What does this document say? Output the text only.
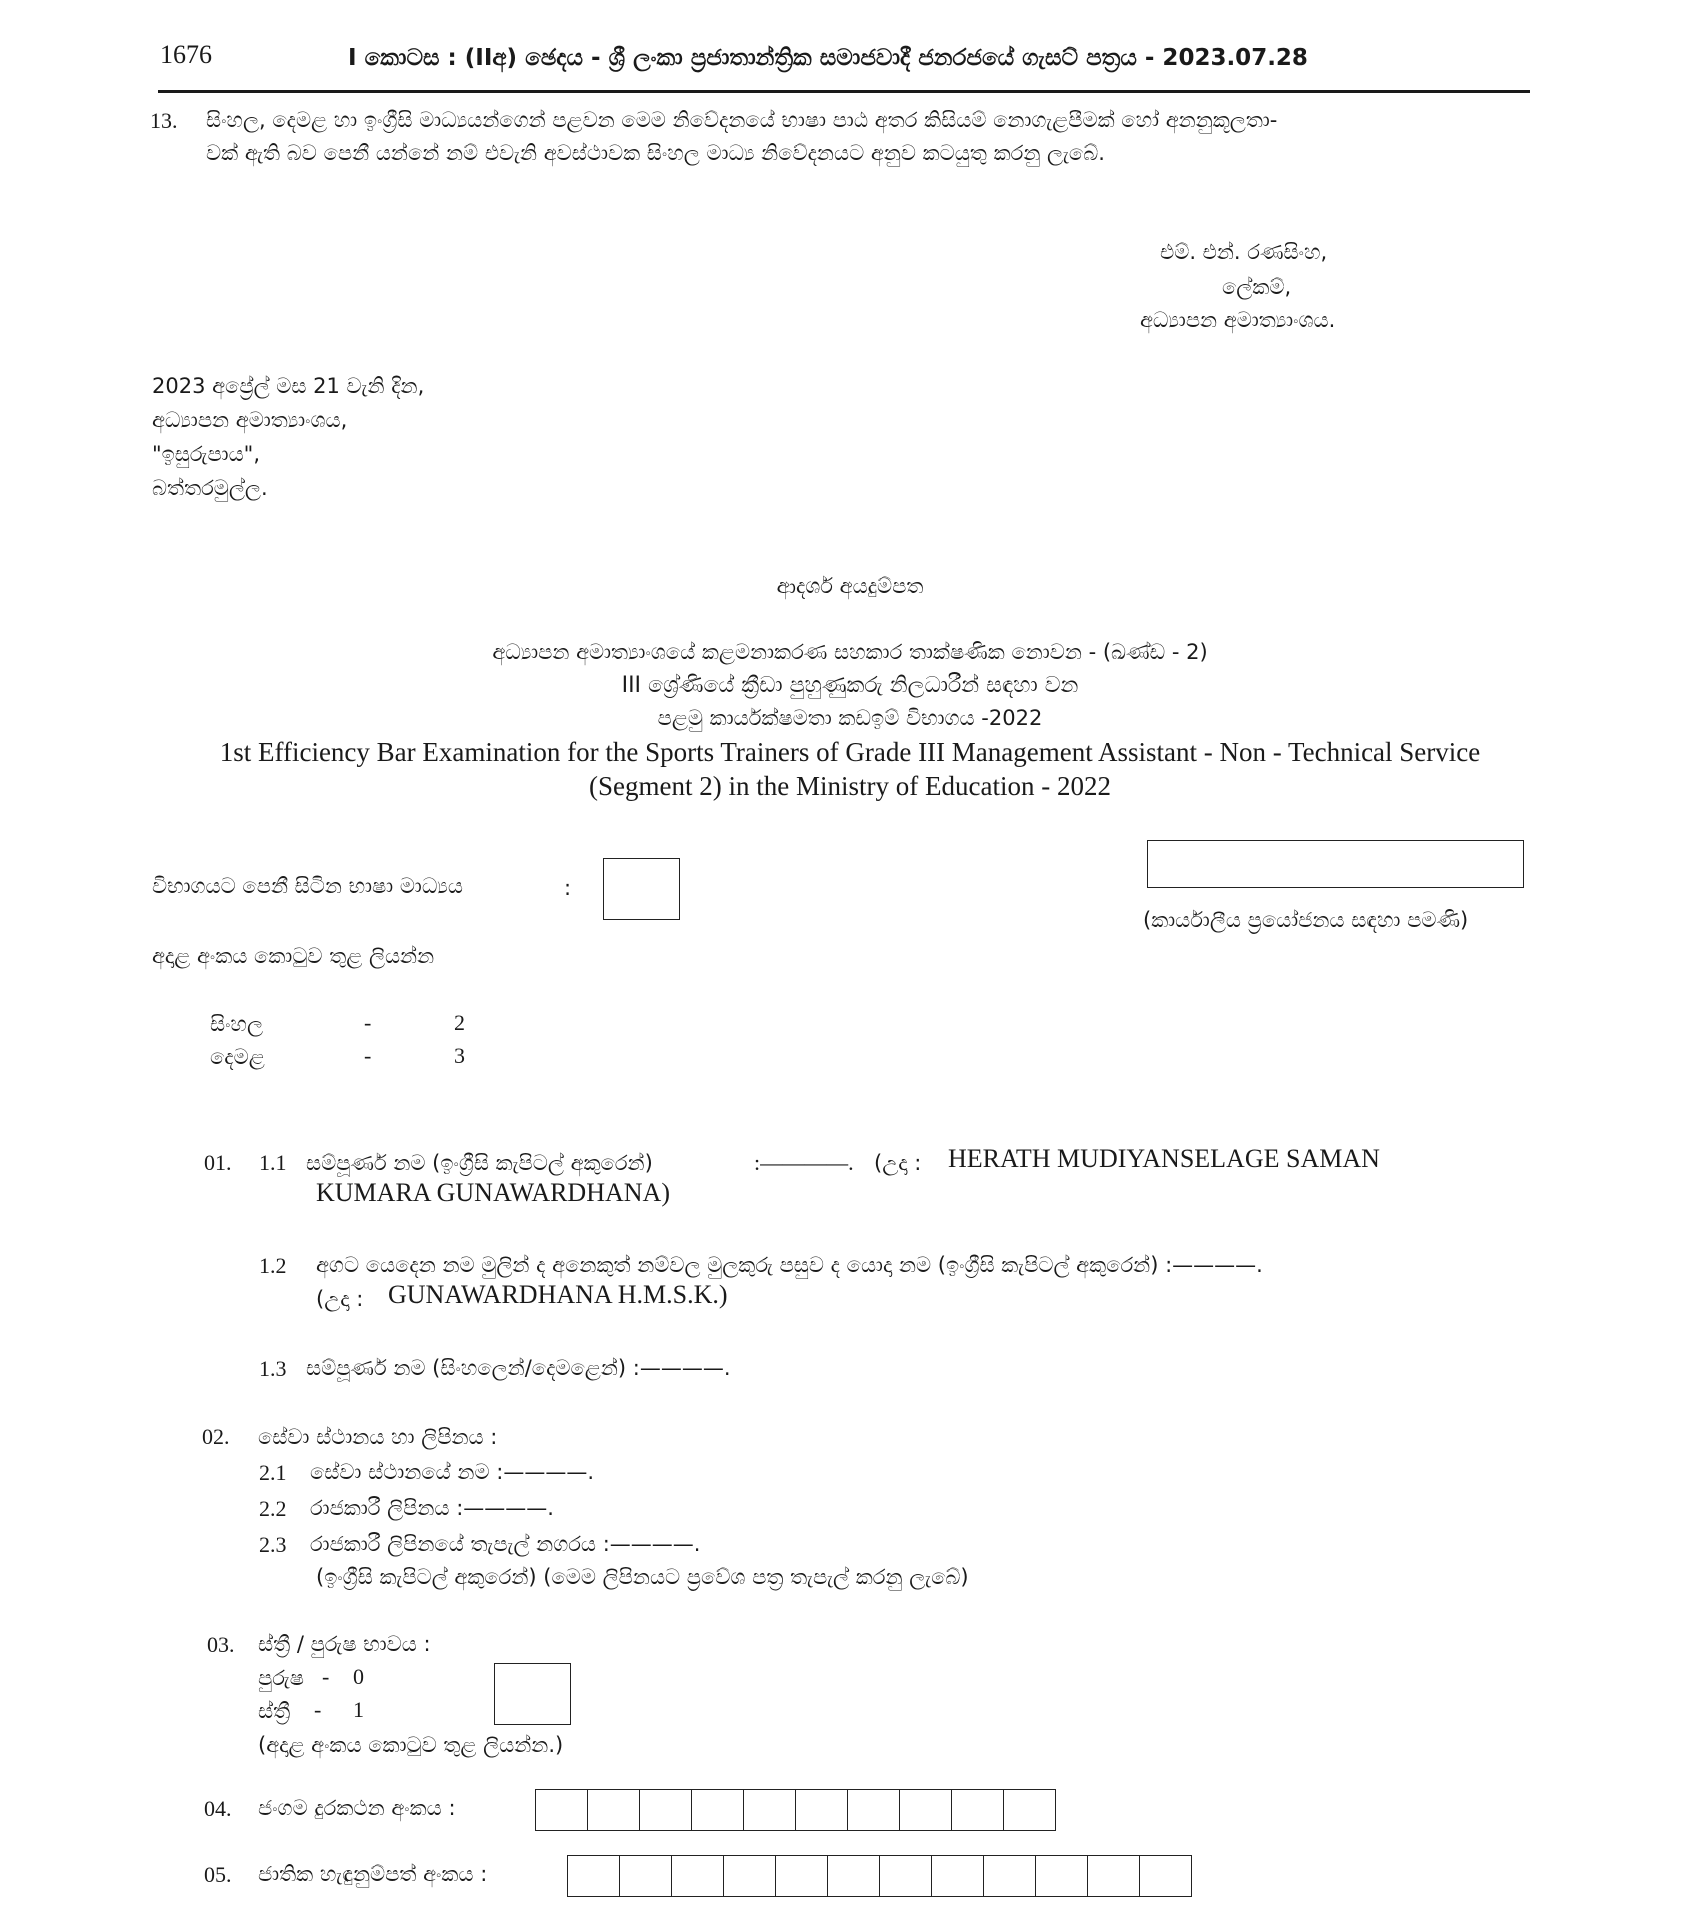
1676	I කොටස : (IIඅ) ඡෙදය - ශ්‍රී ලංකා ප්‍රජාතාන්ත්‍රික සමාජවාදී ජනරජයේ ගැසට් පත්‍රය - 2023.07.28
13. සිංහල, දෙමළ හා ඉංග්‍රීසි මාධ්‍යයන්ගෙන් පළවන මෙම නිවේදනයේ භාෂා පාඨ අතර කිසියම් නොගැළපීමක් හෝ අනනුකූලතා-
වක් ඇති බව පෙනී යන්නේ නම් එවැනි අවස්ථාවක සිංහල මාධ්‍ය නිවේදනයට අනුව කටයුතු කරනු ලැබේ.
එම්. එන්. රණසිංහ,
ලේකම්,
අධ්‍යාපන අමාත්‍යාංශය.
2023 අප්‍රේල් මස 21 වැනි දින,
අධ්‍යාපන අමාත්‍යාංශය,
"ඉසුරුපාය",
බත්තරමුල්ල.
ආදර්ශ අයදුම්පත
අධ්‍යාපන අමාත්‍යාංශයේ කළමනාකරණ සහකාර තාක්ෂණික නොවන - (ඛණ්ඩ - 2)
III ශ්‍රේණියේ ක්‍රීඩා පුහුණුකරු නිලධාරීන් සඳහා වන
පළමු කාර්යක්ෂමතා කඩඉම් විභාගය -2022
1st Efficiency Bar Examination for the Sports Trainers of Grade III Management Assistant - Non - Technical Service
(Segment 2) in the Ministry of Education - 2022
විභාගයට පෙනී සිටින භාෂා මාධ්‍යය	:
(කාර්යාලීය ප්‍රයෝජනය සඳහා පමණි)
අදාළ අංකය කොටුව තුළ ලියන්න
සිංහල	-	2
දෙමළ	-	3
01. 1.1 සම්පූර්ණ නම (ඉංග්‍රීසි කැපිටල් අකුරෙන්)	:————. (උදා : HERATH MUDIYANSELAGE SAMAN
KUMARA GUNAWARDHANA)
1.2 අගට යෙදෙන නම මුලින් ද අනෙකුත් නම්වල මුලකුරු පසුව ද යොදා නම (ඉංග්‍රීසි කැපිටල් අකුරෙන්) :————.
(උදා : GUNAWARDHANA H.M.S.K.)
1.3 සම්පූර්ණ නම (සිංහලෙන්/දෙමළෙන්) :————.
02. සේවා ස්ථානය හා ලිපිනය :
2.1 සේවා ස්ථානයේ නම :————.
2.2 රාජකාරී ලිපිනය :————.
2.3 රාජකාරී ලිපිනයේ තැපැල් නගරය :————.
(ඉංග්‍රීසි කැපිටල් අකුරෙන්) (මෙම ලිපිනයට ප්‍රවේශ පත්‍ර තැපැල් කරනු ලැබේ)
03. ස්ත්‍රී / පුරුෂ භාවය :
පුරුෂ - 0
ස්ත්‍රී - 1
(අදාළ අංකය කොටුව තුළ ලියන්න.)
04. ජංගම දුරකථන අංකය :
05. ජාතික හැඳුනුම්පත් අංකය :
